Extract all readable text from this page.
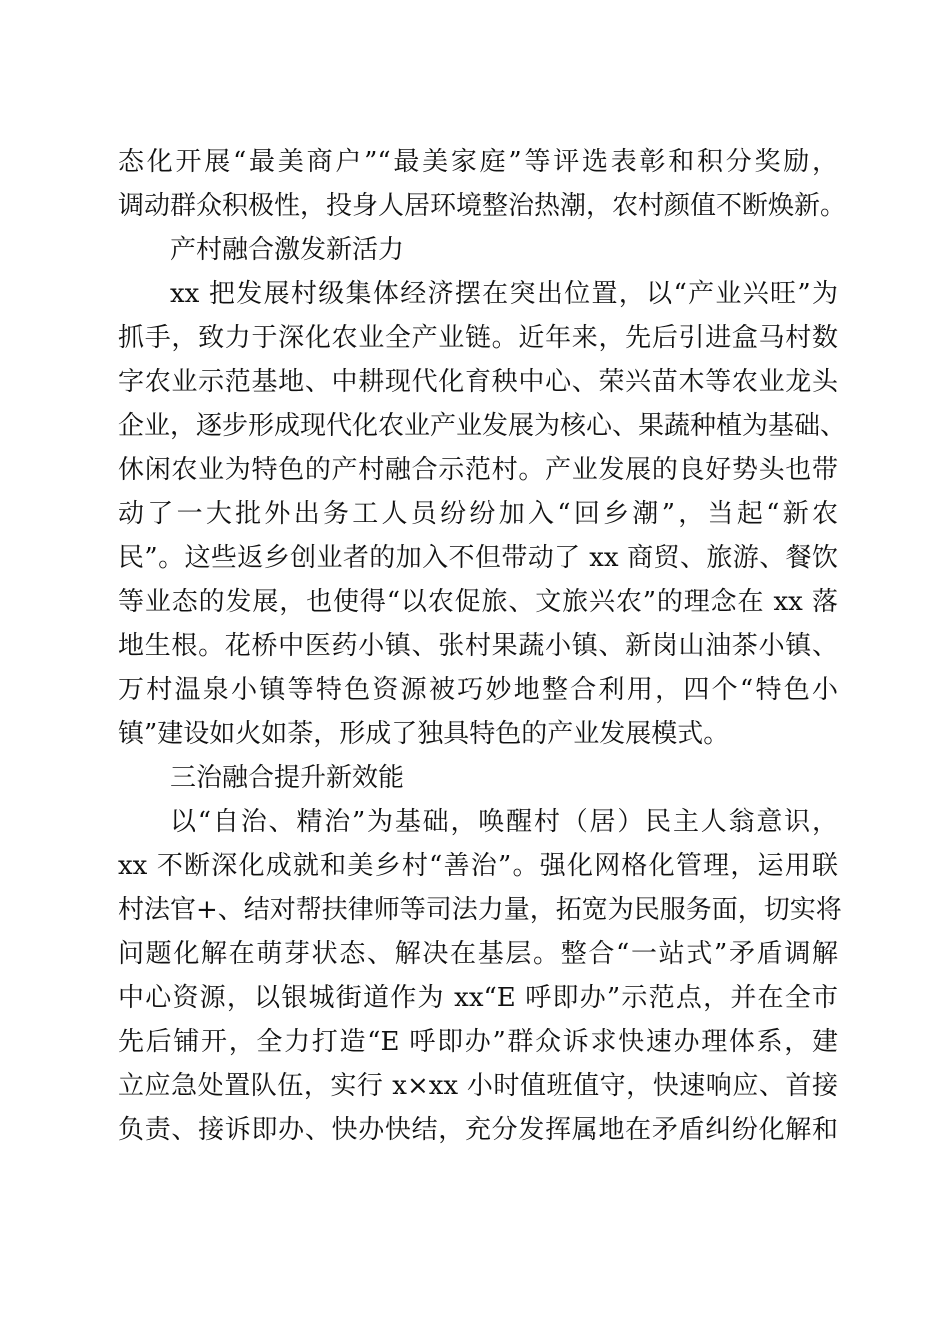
态化开展“最美商户”“最美家庭”等评选表彰和积分奖励，
调动群众积极性，投身人居环境整治热潮，农村颜值不断焕新。
产村融合激发新活力
xx 把发展村级集体经济摆在突出位置，以“产业兴旺”为
抓手，致力于深化农业全产业链。近年来，先后引进盒马村数
字农业示范基地、中耕现代化育秧中心、荣兴苗木等农业龙头
企业，逐步形成现代化农业产业发展为核心、果蔬种植为基础、
休闲农业为特色的产村融合示范村。产业发展的良好势头也带
动了一大批外出务工人员纷纷加入“回乡潮”，当起“新农
民”。这些返乡创业者的加入不但带动了 xx 商贸、旅游、餐饮
等业态的发展，也使得“以农促旅、文旅兴农”的理念在 xx 落
地生根。花桥中医药小镇、张村果蔬小镇、新岗山油茶小镇、
万村温泉小镇等特色资源被巧妙地整合利用，四个“特色小
镇”建设如火如荼，形成了独具特色的产业发展模式。
三治融合提升新效能
以“自治、精治”为基础，唤醒村（居）民主人翁意识，
xx 不断深化成就和美乡村“善治”。强化网格化管理，运用联
村法官+、结对帮扶律师等司法力量，拓宽为民服务面，切实将
问题化解在萌芽状态、解决在基层。整合“一站式”矛盾调解
中心资源，以银城街道作为 xx“E 呼即办”示范点，并在全市
先后铺开，全力打造“E 呼即办”群众诉求快速办理体系，建
立应急处置队伍，实行 x×xx 小时值班值守，快速响应、首接
负责、接诉即办、快办快结，充分发挥属地在矛盾纠纷化解和
